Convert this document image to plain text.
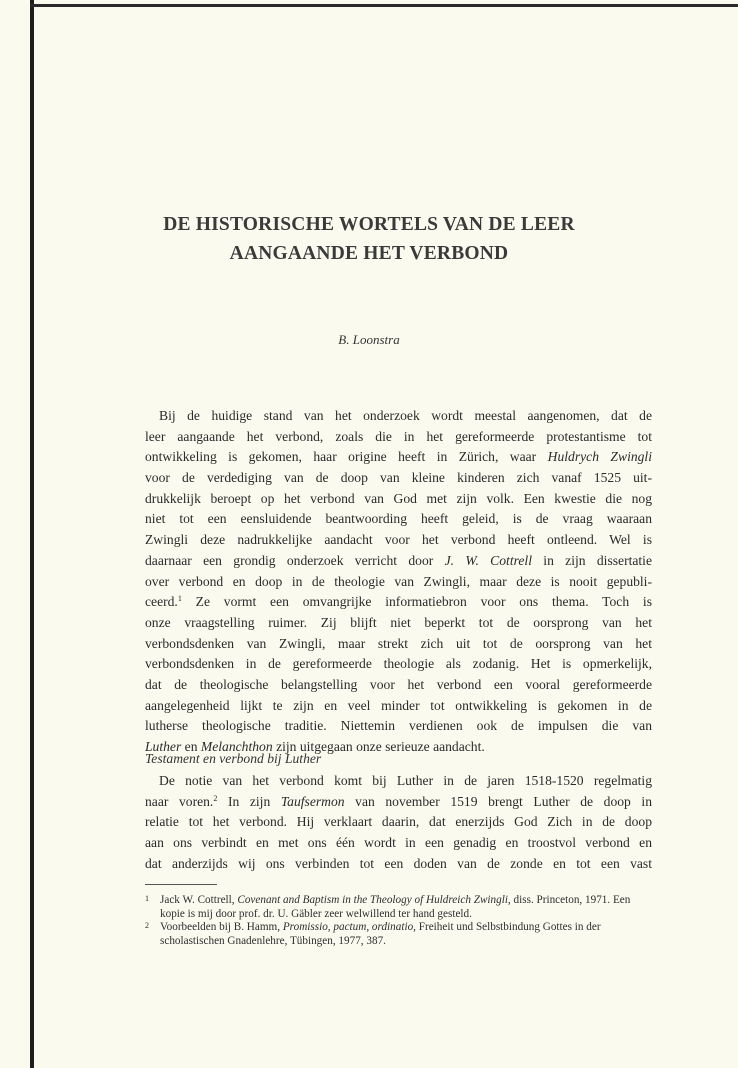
DE HISTORISCHE WORTELS VAN DE LEER
AANGAANDE HET VERBOND
B. Loonstra
Bij de huidige stand van het onderzoek wordt meestal aangenomen, dat de
leer aangaande het verbond, zoals die in het gereformeerde protestantisme tot
ontwikkeling is gekomen, haar origine heeft in Zürich, waar Huldrych Zwingli
voor de verdediging van de doop van kleine kinderen zich vanaf 1525 uit-
drukkelijk beroept op het verbond van God met zijn volk. Een kwestie die nog
niet tot een eensluidende beantwoording heeft geleid, is de vraag waaraan
Zwingli deze nadrukkelijke aandacht voor het verbond heeft ontleend. Wel is
daarnaar een grondig onderzoek verricht door J. W. Cottrell in zijn dissertatie
over verbond en doop in de theologie van Zwingli, maar deze is nooit gepubli-
ceerd.$^1$ Ze vormt een omvangrijke informatiebron voor ons thema. Toch is
onze vraagstelling ruimer. Zij blijft niet beperkt tot de oorsprong van het
verbondsdenken van Zwingli, maar strekt zich uit tot de oorsprong van het
verbondsdenken in de gereformeerde theologie als zodanig. Het is opmerkelijk,
dat de theologische belangstelling voor het verbond een vooral gereformeerde
aangelegenheid lijkt te zijn en veel minder tot ontwikkeling is gekomen in de
lutherse theologische traditie. Niettemin verdienen ook de impulsen die van
Luther en Melanchthon zijn uitgegaan onze serieuze aandacht.
Testament en verbond bij Luther
De notie van het verbond komt bij Luther in de jaren 1518-1520 regelmatig
naar voren.$^2$ In zijn Taufsermon van november 1519 brengt Luther de doop in
relatie tot het verbond. Hij verklaart daarin, dat enerzijds God Zich in de doop
aan ons verbindt en met ons één wordt in een genadig en troostvol verbond en
dat anderzijds wij ons verbinden tot een doden van de zonde en tot een vast
1 Jack W. Cottrell, Covenant and Baptism in the Theology of Huldreich Zwingli, diss. Princeton, 1971. Een kopie is mij door prof. dr. U. Gäbler zeer welwillend ter hand gesteld.
2 Voorbeelden bij B. Hamm, Promissio, pactum, ordinatio, Freiheit und Selbstbindung Gottes in der scholastischen Gnadenlehre, Tübingen, 1977, 387.
